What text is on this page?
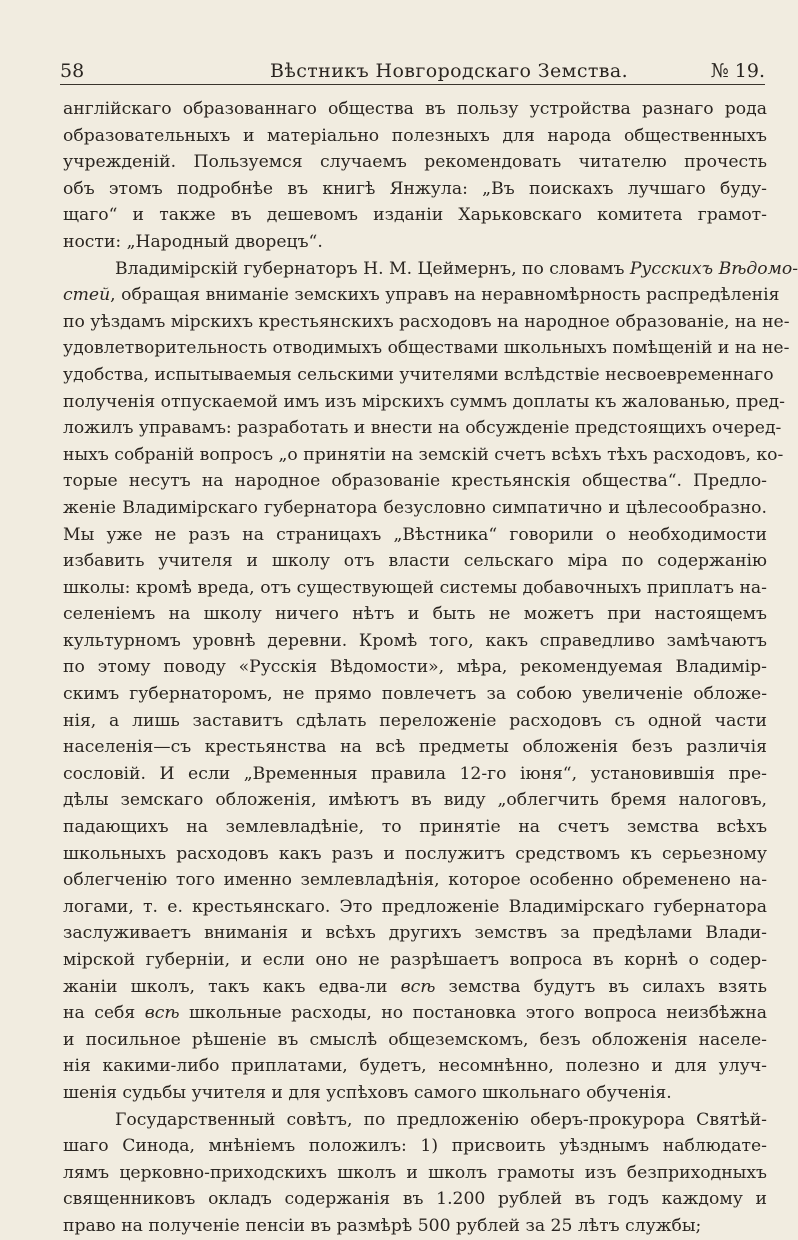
58	Вѣстникъ Новгородскаго Земства.	№ 19.
англійскаго образованнаго общества въ пользу устройства разнаго рода
образовательныхъ и матеріально полезныхъ для народа общественныхъ
учрежденій. Пользуемся случаемъ рекомендовать читателю прочесть
объ этомъ подробнѣе въ книгѣ Янжула: „Въ поискахъ лучшаго буду-
щаго“ и также въ дешевомъ изданіи Харьковскаго комитета грамот-
ности: „Народный дворецъ“.
Владимірскій губернаторъ Н. М. Цеймернъ, по словамъ Русскихъ Вѣдомо-
стей, обращая вниманіе земскихъ управъ на неравномѣрность распредѣленія
по уѣздамъ мірскихъ крестьянскихъ расходовъ на народное образованіе, на не-
удовлетворительность отводимыхъ обществами школьныхъ помѣщеній и на не-
удобства, испытываемыя сельскими учителями вслѣдствіе несвоевременнаго
полученія отпускаемой имъ изъ мірскихъ суммъ доплаты къ жалованью, пред-
ложилъ управамъ: разработать и внести на обсужденіе предстоящихъ очеред-
ныхъ собраній вопросъ „о принятіи на земскій счетъ всѣхъ тѣхъ расходовъ, ко-
торые несутъ на народное образованіе крестьянскія общества“. Предло-
женіе Владимірскаго губернатора безусловно симпатично и цѣлесообразно.
Мы уже не разъ на страницахъ „Вѣстника“ говорили о необходимости
избавить учителя и школу отъ власти сельскаго міра по содержанію
школы: кромѣ вреда, отъ существующей системы добавочныхъ приплатъ на-
селеніемъ на школу ничего нѣтъ и быть не можетъ при настоящемъ
культурномъ уровнѣ деревни. Кромѣ того, какъ справедливо замѣчаютъ
по этому поводу «Русскія Вѣдомости», мѣра, рекомендуемая Владимір-
скимъ губернаторомъ, не прямо повлечетъ за собою увеличеніе обложе-
нія, а лишь заставитъ сдѣлать переложеніе расходовъ съ одной части
населенія—съ крестьянства на всѣ предметы обложенія безъ различія
сословій. И если „Временныя правила 12-го іюня“, установившія пре-
дѣлы земскаго обложенія, имѣютъ въ виду „облегчить бремя налоговъ,
падающихъ на землевладѣніе, то принятіе на счетъ земства всѣхъ
школьныхъ расходовъ какъ разъ и послужитъ средствомъ къ серьезному
облегченію того именно землевладѣнія, которое особенно обременено на-
логами, т. е. крестьянскаго. Это предложеніе Владимірскаго губернатора
заслуживаетъ вниманія и всѣхъ другихъ земствъ за предѣлами Влади-
мірской губерніи, и если оно не разрѣшаетъ вопроса въ корнѣ о содер-
жаніи школъ, такъ какъ едва-ли всѣ земства будутъ въ силахъ взять
на себя всѣ школьные расходы, но постановка этого вопроса неизбѣжна
и посильное рѣшеніе въ смыслѣ общеземскомъ, безъ обложенія населе-
нія какими-либо приплатами, будетъ, несомнѣнно, полезно и для улуч-
шенія судьбы учителя и для успѣховъ самого школьнаго обученія.
Государственный совѣтъ, по предложенію оберъ-прокурора Святѣй-
шаго Синода, мнѣніемъ положилъ: 1) присвоить уѣзднымъ наблюдате-
лямъ церковно-приходскихъ школъ и школъ грамоты изъ безприходныхъ
священниковъ окладъ содержанія въ 1.200 рублей въ годъ каждому и
право на полученіе пенсіи въ размѣрѣ 500 рублей за 25 лѣтъ службы;
